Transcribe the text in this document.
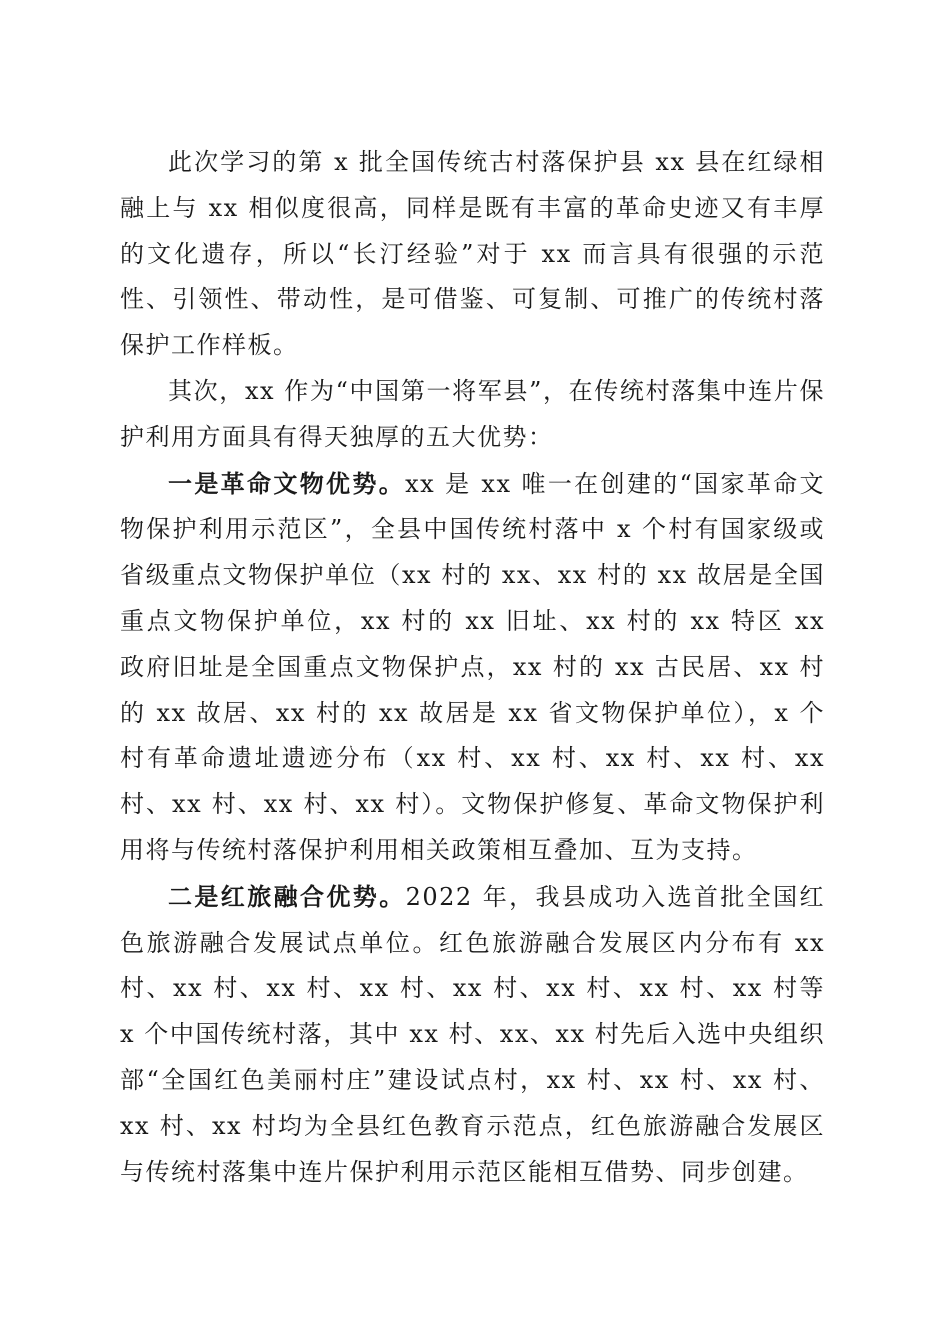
此次学习的第 x 批全国传统古村落保护县 xx 县在红绿相融上与 xx 相似度很高，同样是既有丰富的革命史迹又有丰厚的文化遗存，所以“长汀经验”对于 xx 而言具有很强的示范性、引领性、带动性，是可借鉴、可复制、可推广的传统村落保护工作样板。

其次，xx 作为“中国第一将军县”，在传统村落集中连片保护利用方面具有得天独厚的五大优势：

一是革命文物优势。xx 是 xx 唯一在创建的“国家革命文物保护利用示范区”，全县中国传统村落中 x 个村有国家级或省级重点文物保护单位（xx 村的 xx、xx 村的 xx 故居是全国重点文物保护单位，xx 村的 xx 旧址、xx 村的 xx 特区 xx 政府旧址是全国重点文物保护点，xx 村的 xx 古民居、xx 村的 xx 故居、xx 村的 xx 故居是 xx 省文物保护单位），x 个村有革命遗址遗迹分布（xx 村、xx 村、xx 村、xx 村、xx 村、xx 村、xx 村、xx 村）。文物保护修复、革命文物保护利用将与传统村落保护利用相关政策相互叠加、互为支持。

二是红旅融合优势。2022 年，我县成功入选首批全国红色旅游融合发展试点单位。红色旅游融合发展区内分布有 xx 村、xx 村、xx 村、xx 村、xx 村、xx 村、xx 村、xx 村等 x 个中国传统村落，其中 xx 村、xx、xx 村先后入选中央组织部“全国红色美丽村庄”建设试点村，xx 村、xx 村、xx 村、xx 村、xx 村均为全县红色教育示范点，红色旅游融合发展区与传统村落集中连片保护利用示范区能相互借势、同步创建。
